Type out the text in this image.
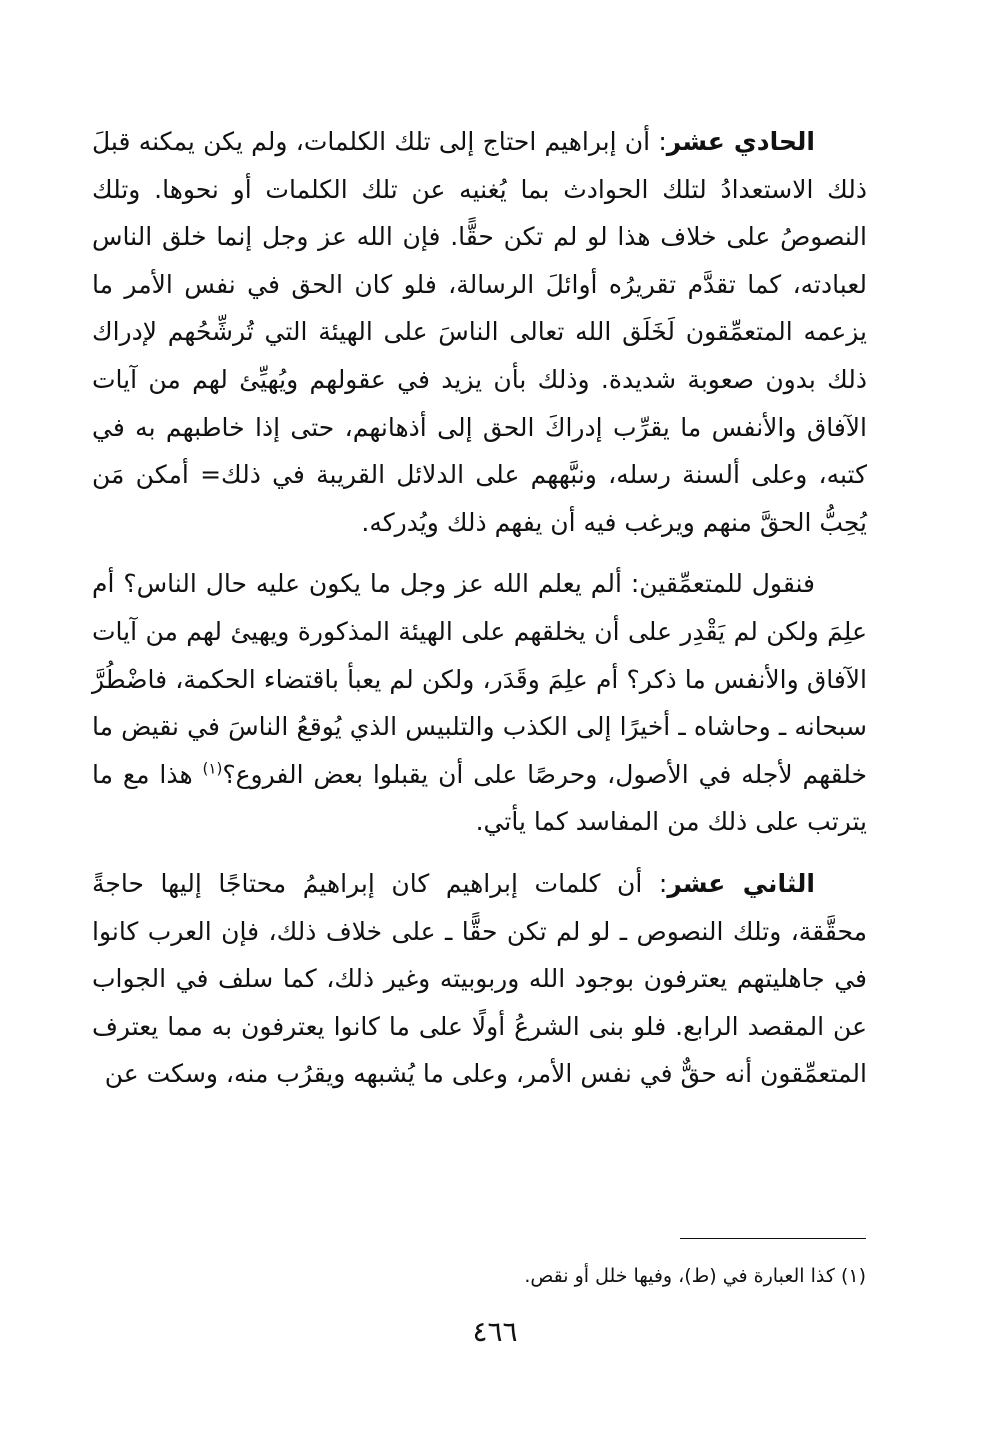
الحادي عشر: أن إبراهيم احتاج إلى تلك الكلمات، ولم يكن يمكنه قبلَ ذلك الاستعدادُ لتلك الحوادث بما يُغنيه عن تلك الكلمات أو نحوها. وتلك النصوصُ على خلاف هذا لو لم تكن حقًّا. فإن الله عز وجل إنما خلق الناس لعبادته، كما تقدَّم تقريرُه أوائلَ الرسالة، فلو كان الحق في نفس الأمر ما يزعمه المتعمِّقون لَخَلَق الله تعالى الناسَ على الهيئة التي تُرشِّحُهم لإدراك ذلك بدون صعوبة شديدة. وذلك بأن يزيد في عقولهم ويُهيِّئ لهم من آيات الآفاق والأنفس ما يقرِّب إدراكَ الحق إلى أذهانهم، حتى إذا خاطبهم به في كتبه، وعلى ألسنة رسله، ونبَّههم على الدلائل القريبة في ذلك= أمكن مَن يُحِبُّ الحقَّ منهم ويرغب فيه أن يفهم ذلك ويُدركه.

فنقول للمتعمِّقين: ألم يعلم الله عز وجل ما يكون عليه حال الناس؟ أم علِمَ ولكن لم يَقْدِر على أن يخلقهم على الهيئة المذكورة ويهيئ لهم من آيات الآفاق والأنفس ما ذكر؟ أم علِمَ وقَدَر، ولكن لم يعبأ باقتضاء الحكمة، فاضْطُرَّ سبحانه ـ وحاشاه ـ أخيرًا إلى الكذب والتلبيس الذي يُوقعُ الناسَ في نقيض ما خلقهم لأجله في الأصول، وحرصًا على أن يقبلوا بعض الفروع؟$^{(١)}$ هذا مع ما يترتب على ذلك من المفاسد كما يأتي.

الثاني عشر: أن كلمات إبراهيم كان إبراهيمُ محتاجًا إليها حاجةً محقَّقة، وتلك النصوص ـ لو لم تكن حقًّا ـ على خلاف ذلك، فإن العرب كانوا في جاهليتهم يعترفون بوجود الله وربوبيته وغير ذلك، كما سلف في الجواب عن المقصد الرابع. فلو بنى الشرعُ أولًا على ما كانوا يعترفون به مما يعترف المتعمِّقون أنه حقٌّ في نفس الأمر، وعلى ما يُشبهه ويقرُب منه، وسكت عن

(١) كذا العبارة في (ط)، وفيها خلل أو نقص.
٤٦٦
